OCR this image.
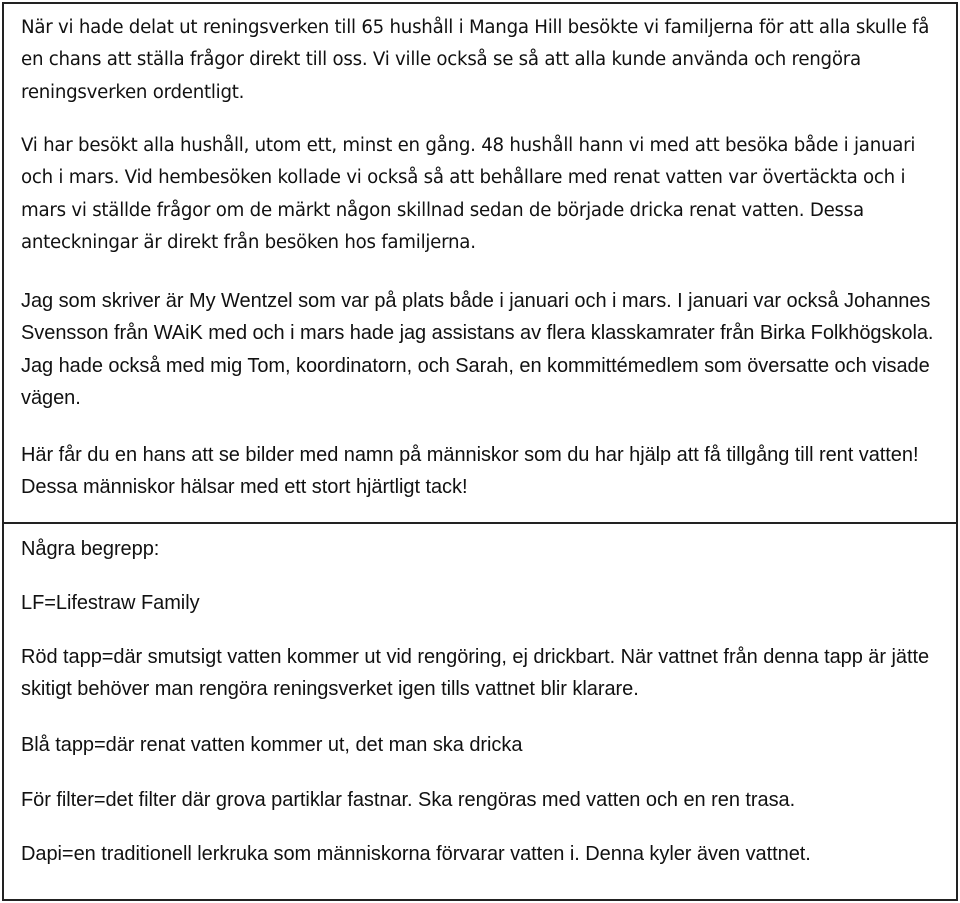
När vi hade delat ut reningsverken till 65 hushåll i Manga Hill besökte vi familjerna för att alla skulle få en chans att ställa frågor direkt till oss. Vi ville också se så att alla kunde använda och rengöra reningsverken ordentligt.

Vi har besökt alla hushåll, utom ett, minst en gång. 48 hushåll hann vi med att besöka både i januari och i mars. Vid hembesöken kollade vi också så att behållare med renat vatten var övertäckta och i mars vi ställde frågor om de märkt någon skillnad sedan de började dricka renat vatten. Dessa anteckningar är direkt från besöken hos familjerna.

Jag som skriver är My Wentzel som var på plats både i januari och i mars. I januari var också Johannes Svensson från WAiK med och i mars hade jag assistans av flera klasskamrater från Birka Folkhögskola. Jag hade också med mig Tom, koordinatorn, och Sarah, en kommittémedlem som översatte och visade vägen.

Här får du en hans att se bilder med namn på människor som du har hjälp att få tillgång till rent vatten! Dessa människor hälsar med ett stort hjärtligt tack!

Några begrepp:

LF=Lifestraw Family

Röd tapp=där smutsigt vatten kommer ut vid rengöring, ej drickbart. När vattnet från denna tapp är jätte skitigt behöver man rengöra reningsverket igen tills vattnet blir klarare.

Blå tapp=där renat vatten kommer ut, det man ska dricka

För filter=det filter där grova partiklar fastnar. Ska rengöras med vatten och en ren trasa.

Dapi=en traditionell lerkruka som människorna förvarar vatten i. Denna kyler även vattnet.
